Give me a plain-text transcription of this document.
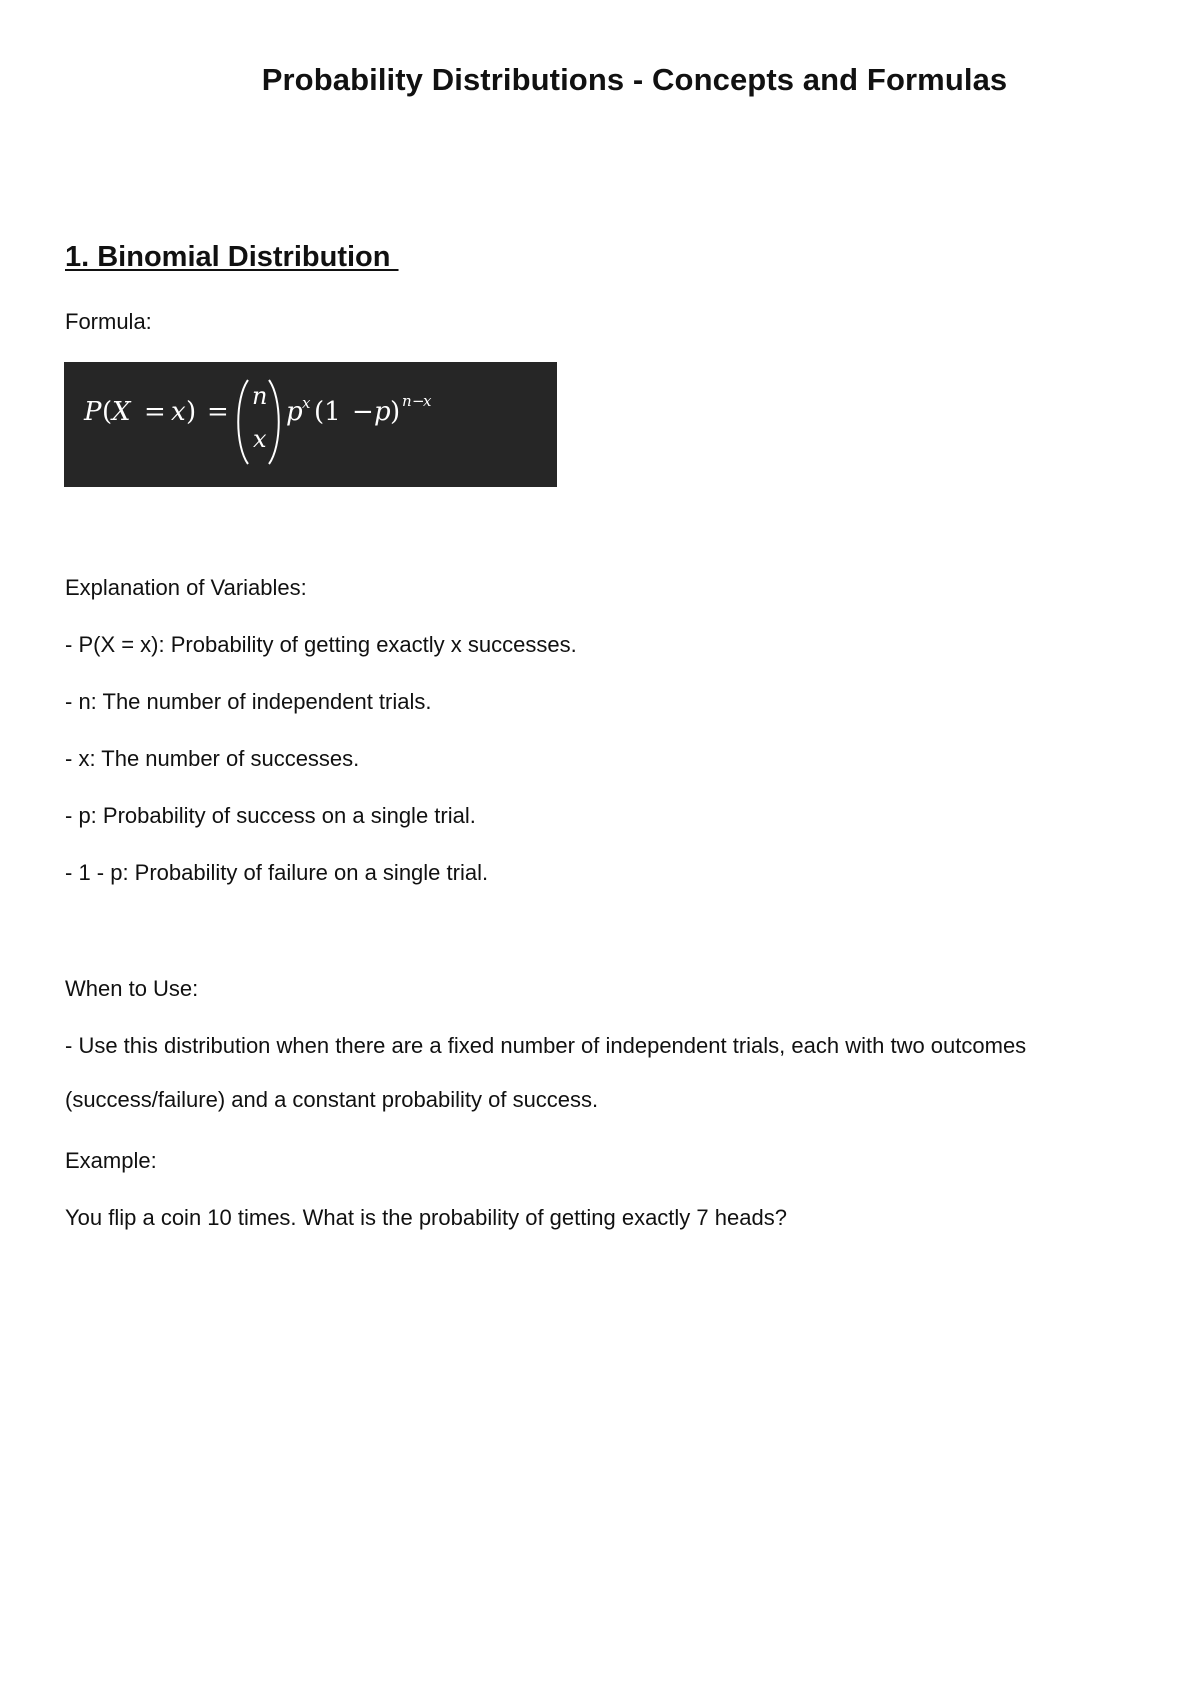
Probability Distributions - Concepts and Formulas
1. Binomial Distribution
Formula:
P ( X = x ) =
n
x
p x (1 − p ) n −
x
Explanation of Variables:
- P(X = x): Probability of getting exactly x successes.
- n: The number of independent trials.
- x: The number of successes.
- p: Probability of success on a single trial.
- 1 - p: Probability of failure on a single trial.
When to Use:
- Use this distribution when there are a fixed number of independent trials, each with two outcomes
(success/failure) and a constant probability of success.
Example:
You flip a coin 10 times. What is the probability of getting exactly 7 heads?
